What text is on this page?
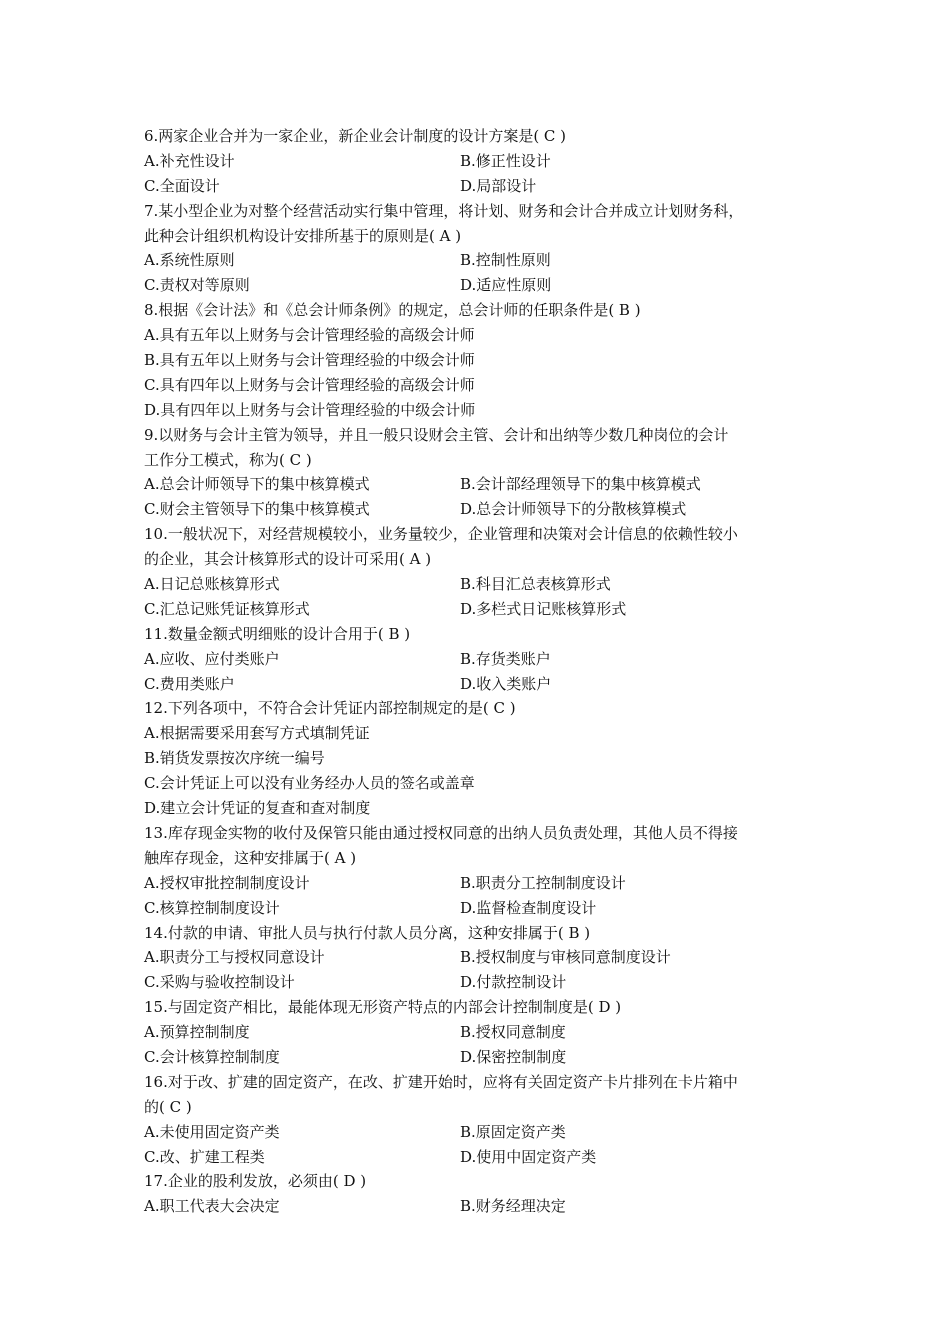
6.两家企业合并为一家企业，新企业会计制度的设计方案是( C )
A.补充性设计	B.修正性设计
C.全面设计	D.局部设计
7.某小型企业为对整个经营活动实行集中管理，将计划、财务和会计合并成立计划财务科，
此种会计组织机构设计安排所基于的原则是( A )
A.系统性原则	B.控制性原则
C.责权对等原则	D.适应性原则
8.根据《会计法》和《总会计师条例》的规定，总会计师的任职条件是( B )
A.具有五年以上财务与会计管理经验的高级会计师
B.具有五年以上财务与会计管理经验的中级会计师
C.具有四年以上财务与会计管理经验的高级会计师
D.具有四年以上财务与会计管理经验的中级会计师
9.以财务与会计主管为领导，并且一般只设财会主管、会计和出纳等少数几种岗位的会计
工作分工模式，称为( C )
A.总会计师领导下的集中核算模式	B.会计部经理领导下的集中核算模式
C.财会主管领导下的集中核算模式	D.总会计师领导下的分散核算模式
10.一般状况下，对经营规模较小，业务量较少，企业管理和决策对会计信息的依赖性较小
的企业，其会计核算形式的设计可采用( A )
A.日记总账核算形式	B.科目汇总表核算形式
C.汇总记账凭证核算形式	D.多栏式日记账核算形式
11.数量金额式明细账的设计合用于( B )
A.应收、应付类账户	B.存货类账户
C.费用类账户	D.收入类账户
12.下列各项中，不符合会计凭证内部控制规定的是( C )
A.根据需要采用套写方式填制凭证
B.销货发票按次序统一编号
C.会计凭证上可以没有业务经办人员的签名或盖章
D.建立会计凭证的复查和查对制度
13.库存现金实物的收付及保管只能由通过授权同意的出纳人员负责处理，其他人员不得接
触库存现金，这种安排属于( A )
A.授权审批控制制度设计	B.职责分工控制制度设计
C.核算控制制度设计	D.监督检查制度设计
14.付款的申请、审批人员与执行付款人员分离，这种安排属于( B )
A.职责分工与授权同意设计	B.授权制度与审核同意制度设计
C.采购与验收控制设计	D.付款控制设计
15.与固定资产相比，最能体现无形资产特点的内部会计控制制度是( D )
A.预算控制制度	B.授权同意制度
C.会计核算控制制度	D.保密控制制度
16.对于改、扩建的固定资产，在改、扩建开始时，应将有关固定资产卡片排列在卡片箱中
的( C )
A.未使用固定资产类	B.原固定资产类
C.改、扩建工程类	D.使用中固定资产类
17.企业的股利发放，必须由( D )
A.职工代表大会决定	B.财务经理决定
